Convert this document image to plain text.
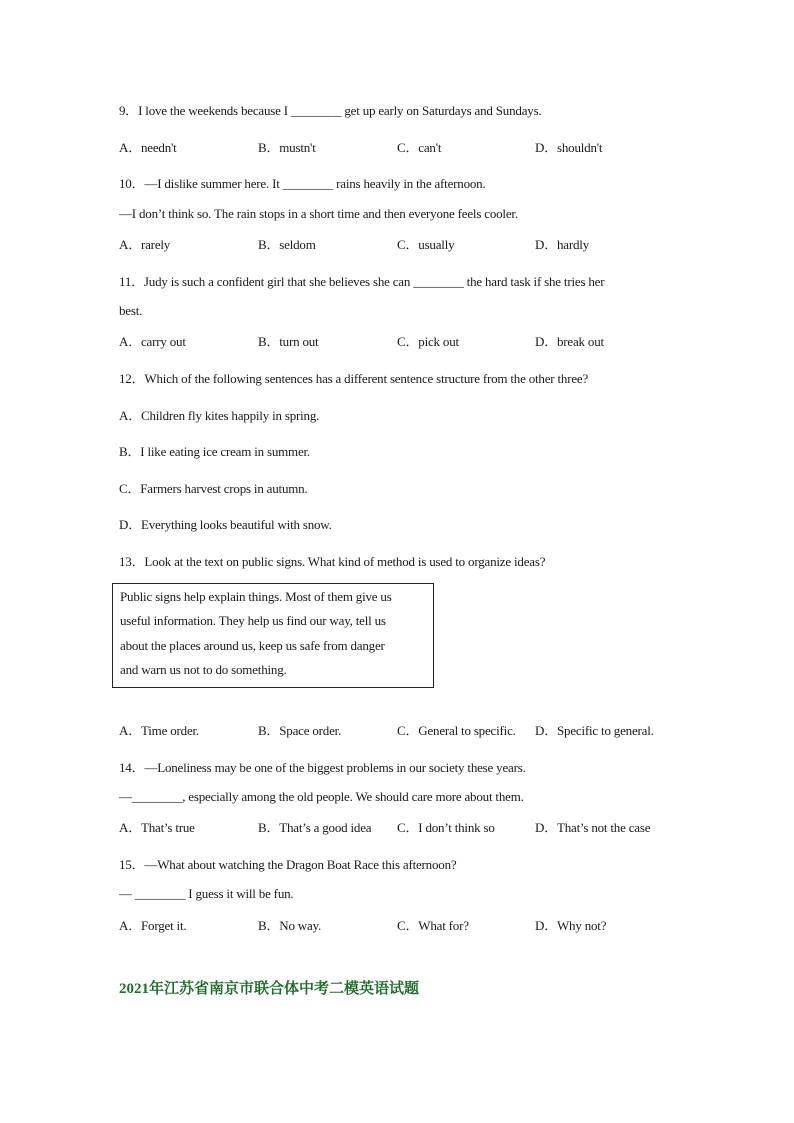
9．I love the weekends because I ________ get up early on Saturdays and Sundays.
A．needn't	B．mustn't	C．can't	D．shouldn't
10．—I dislike summer here. It ________ rains heavily in the afternoon.
—I don’t think so. The rain stops in a short time and then everyone feels cooler.
A．rarely	B．seldom	C．usually	D．hardly
11．Judy is such a confident girl that she believes she can ________ the hard task if she tries her
best.
A．carry out	B．turn out	C．pick out	D．break out
12．Which of the following sentences has a different sentence structure from the other three?
A．Children fly kites happily in spring.
B．I like eating ice cream in summer.
C．Farmers harvest crops in autumn.
D．Everything looks beautiful with snow.
13．Look at the text on public signs. What kind of method is used to organize ideas?
Public signs help explain things. Most of them give us
useful information. They help us find our way, tell us
about the places around us, keep us safe from danger
and warn us not to do something.
A．Time order.	B．Space order.	C．General to specific. D．Specific to general.
14．—Loneliness may be one of the biggest problems in our society these years.
—________, especially among the old people. We should care more about them.
A．That’s true	B．That’s a good idea C．I don’t think so	D．That’s not the case
15．—What about watching the Dragon Boat Race this afternoon?
— ________ I guess it will be fun.
A．Forget it.	B．No way.	C．What for?	D．Why not?
2021年江苏省南京市联合体中考二模英语试题
